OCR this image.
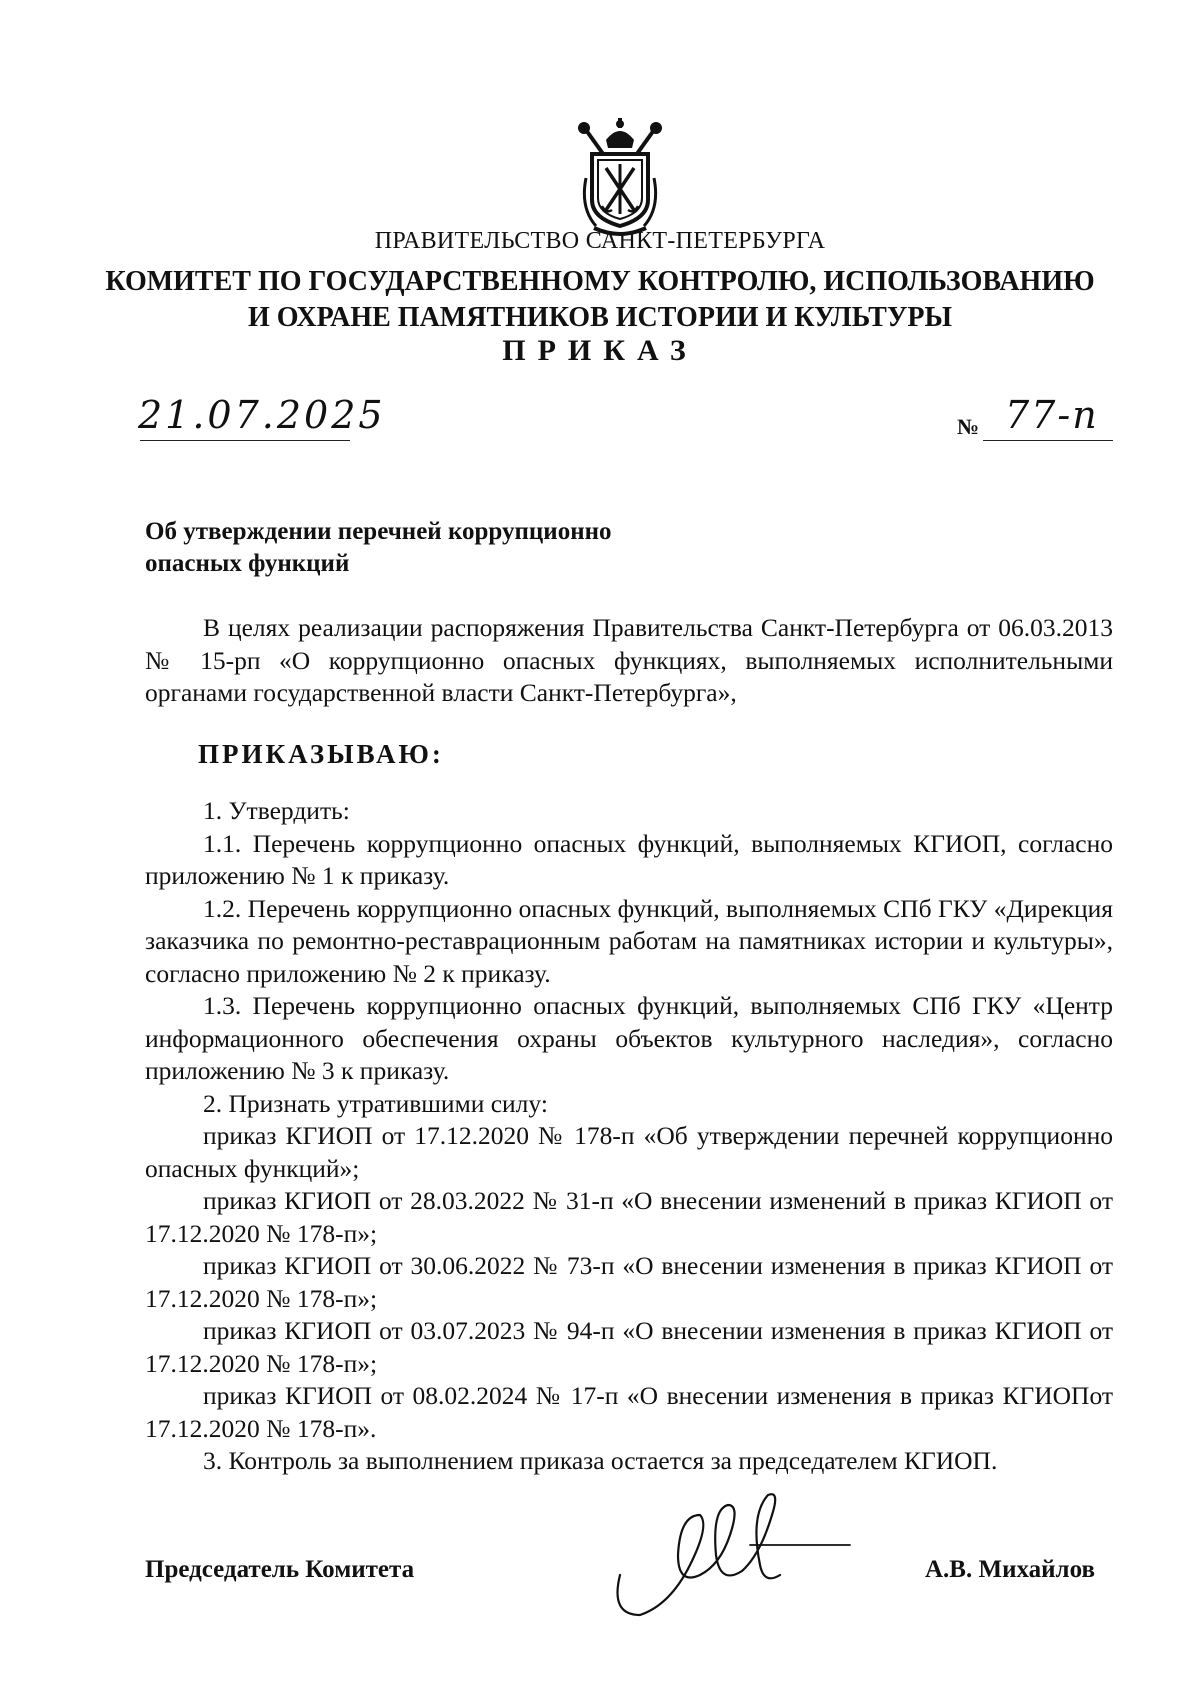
ПРАВИТЕЛЬСТВО САНКТ-ПЕТЕРБУРГА
КОМИТЕТ ПО ГОСУДАРСТВЕННОМУ КОНТРОЛЮ, ИСПОЛЬЗОВАНИЮ
И ОХРАНЕ ПАМЯТНИКОВ ИСТОРИИ И КУЛЬТУРЫ
ПРИКАЗ
21.07.2025	№ 77-п
Об утверждении перечней коррупционно
опасных функций

В целях реализации распоряжения Правительства Санкт-Петербурга от 06.03.2013 № 15-рп «О коррупционно опасных функциях, выполняемых исполнительными органами государственной власти Санкт-Петербурга»,

ПРИКАЗЫВАЮ:

1. Утвердить:

1.1. Перечень коррупционно опасных функций, выполняемых КГИОП, согласно приложению № 1 к приказу.

1.2. Перечень коррупционно опасных функций, выполняемых СПб ГКУ «Дирекция заказчика по ремонтно-реставрационным работам на памятниках истории и культуры», согласно приложению № 2 к приказу.

1.3. Перечень коррупционно опасных функций, выполняемых СПб ГКУ «Центр информационного обеспечения охраны объектов культурного наследия», согласно приложению № 3 к приказу.

2. Признать утратившими силу:

приказ КГИОП от 17.12.2020 № 178-п «Об утверждении перечней коррупционно опасных функций»;

приказ КГИОП от 28.03.2022 № 31-п «О внесении изменений в приказ КГИОП от 17.12.2020 № 178-п»;

приказ КГИОП от 30.06.2022 № 73-п «О внесении изменения в приказ КГИОП от 17.12.2020 № 178-п»;

приказ КГИОП от 03.07.2023 № 94-п «О внесении изменения в приказ КГИОП от 17.12.2020 № 178-п»;

приказ КГИОП от 08.02.2024 № 17-п «О внесении изменения в приказ КГИОПот 17.12.2020 № 178-п».

3. Контроль за выполнением приказа остается за председателем КГИОП.

Председатель Комитета	А.В. Михайлов
